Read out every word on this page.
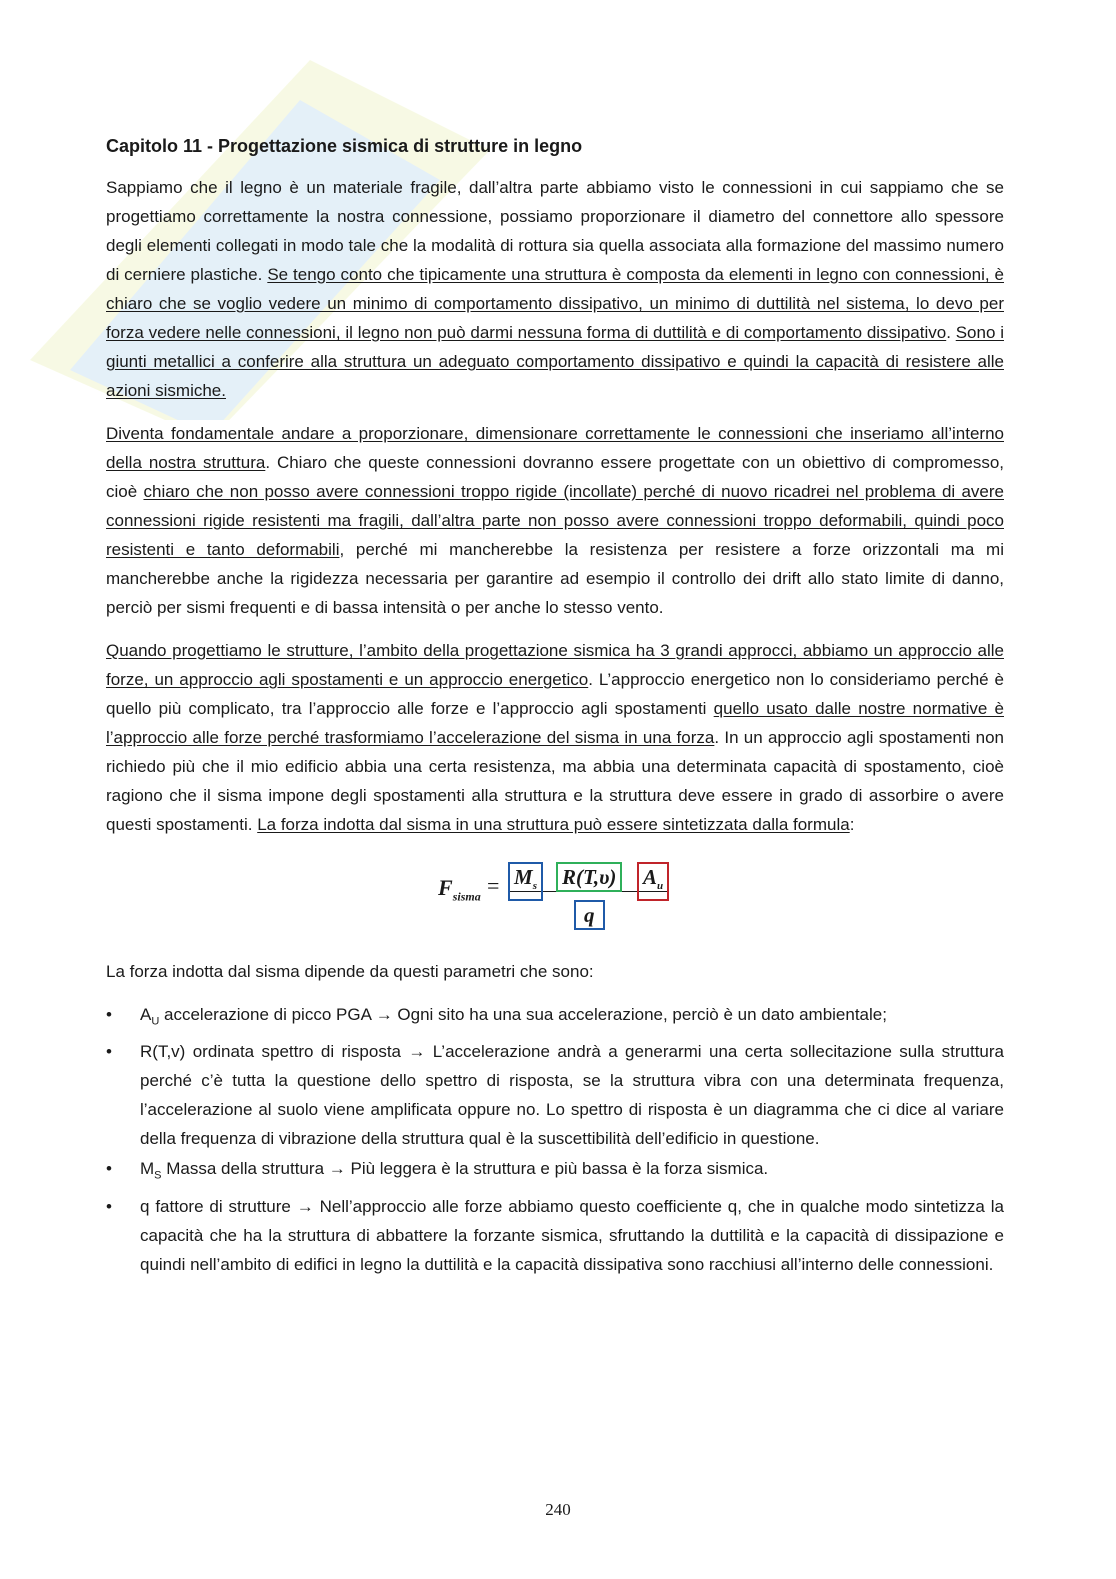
Capitolo 11 - Progettazione sismica di strutture in legno

Sappiamo che il legno è un materiale fragile, dall’altra parte abbiamo visto le connessioni in cui sappiamo che se progettiamo correttamente la nostra connessione, possiamo proporzionare il diametro del connettore allo spessore degli elementi collegati in modo tale che la modalità di rottura sia quella associata alla formazione del massimo numero di cerniere plastiche. Se tengo conto che tipicamente una struttura è composta da elementi in legno con connessioni, è chiaro che se voglio vedere un minimo di comportamento dissipativo, un minimo di duttilità nel sistema, lo devo per forza vedere nelle connessioni, il legno non può darmi nessuna forma di duttilità e di comportamento dissipativo. Sono i giunti metallici a conferire alla struttura un adeguato comportamento dissipativo e quindi la capacità di resistere alle azioni sismiche.

Diventa fondamentale andare a proporzionare, dimensionare correttamente le connessioni che inseriamo all’interno della nostra struttura. Chiaro che queste connessioni dovranno essere progettate con un obiettivo di compromesso, cioè chiaro che non posso avere connessioni troppo rigide (incollate) perché di nuovo ricadrei nel problema di avere connessioni rigide resistenti ma fragili, dall’altra parte non posso avere connessioni troppo deformabili, quindi poco resistenti e tanto deformabili, perché mi mancherebbe la resistenza per resistere a forze orizzontali ma mi mancherebbe anche la rigidezza necessaria per garantire ad esempio il controllo dei drift allo stato limite di danno, perciò per sismi frequenti e di bassa intensità o per anche lo stesso vento.

Quando progettiamo le strutture, l’ambito della progettazione sismica ha 3 grandi approcci, abbiamo un approccio alle forze, un approccio agli spostamenti e un approccio energetico. L’approccio energetico non lo consideriamo perché è quello più complicato, tra l’approccio alle forze e l’approccio agli spostamenti quello usato dalle nostre normative è l’approccio alle forze perché trasformiamo l’accelerazione del sisma in una forza. In un approccio agli spostamenti non richiedo più che il mio edificio abbia una certa resistenza, ma abbia una determinata capacità di spostamento, cioè ragiono che il sisma impone degli spostamenti alla struttura e la struttura deve essere in grado di assorbire o avere questi spostamenti. La forza indotta dal sisma in una struttura può essere sintetizzata dalla formula:

$F_{sisma} = M_s$ R(T,υ) $A_u$
q

La forza indotta dal sisma dipende da questi parametri che sono:

• $A_U$ accelerazione di picco PGA → Ogni sito ha una sua accelerazione, perciò è un dato ambientale;
• R(T,v) ordinata spettro di risposta → L’accelerazione andrà a generarmi una certa sollecitazione sulla struttura perché c’è tutta la questione dello spettro di risposta, se la struttura vibra con una determinata frequenza, l’accelerazione al suolo viene amplificata oppure no. Lo spettro di risposta è un diagramma che ci dice al variare della frequenza di vibrazione della struttura qual è la suscettibilità dell’edificio in questione.
• $M_S$ Massa della struttura → Più leggera è la struttura e più bassa è la forza sismica.
• q fattore di strutture → Nell’approccio alle forze abbiamo questo coefficiente q, che in qualche modo sintetizza la capacità che ha la struttura di abbattere la forzante sismica, sfruttando la duttilità e la capacità di dissipazione e quindi nell’ambito di edifici in legno la duttilità e la capacità dissipativa sono racchiusi all’interno delle connessioni.
240
